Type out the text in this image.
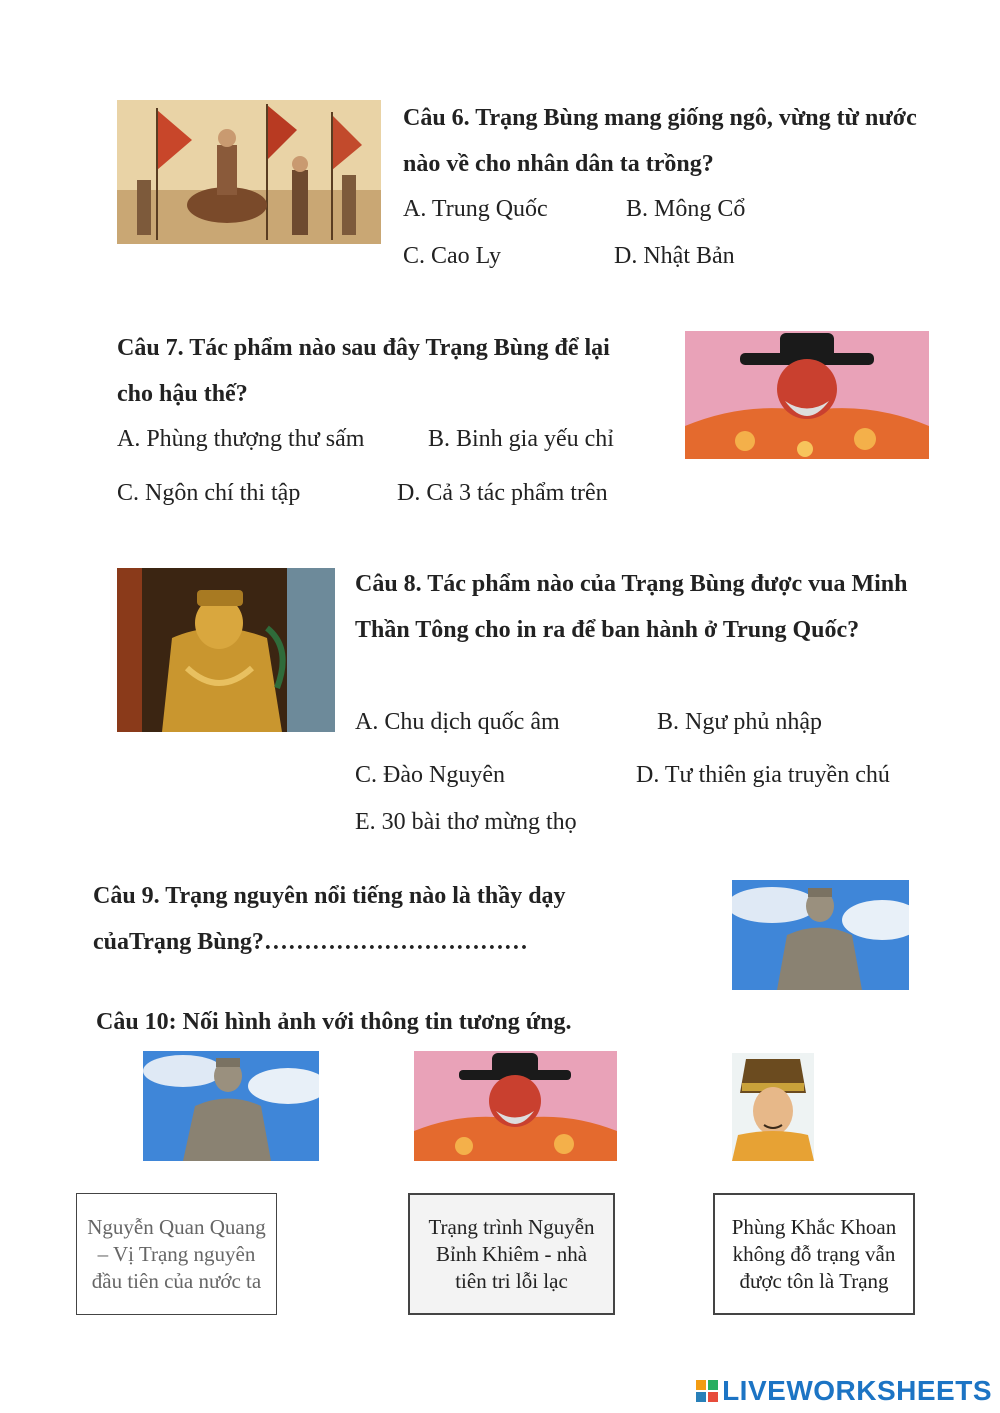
Câu 6. Trạng Bùng mang giống ngô, vừng từ nước nào về cho nhân dân ta trồng?
A. Trung Quốc	B. Mông Cổ
C. Cao Ly	D. Nhật Bản
Câu 7. Tác phẩm nào sau đây Trạng Bùng để lại cho hậu thế?
A. Phùng thượng thư sấm	B. Binh gia yếu chỉ
C. Ngôn chí thi tập	D. Cả 3 tác phẩm trên
Câu 8. Tác phẩm nào của Trạng Bùng được vua Minh Thần Tông cho in ra để ban hành ở Trung Quốc?
A. Chu dịch quốc âm	B. Ngư phủ nhập
C. Đào Nguyên	D. Tư thiên gia truyền chú
E. 30 bài thơ mừng thọ
Câu 9. Trạng nguyên nổi tiếng nào là thầy dạy củaTrạng Bùng?……………………………
Câu 10: Nối hình ảnh với thông tin tương ứng.
Nguyễn Quan Quang – Vị Trạng nguyên đầu tiên của nước ta
Trạng trình Nguyễn Bỉnh Khiêm - nhà tiên tri lỗi lạc
Phùng Khắc Khoan không đỗ trạng vẫn được tôn là Trạng
LIVEWORKSHEETS
